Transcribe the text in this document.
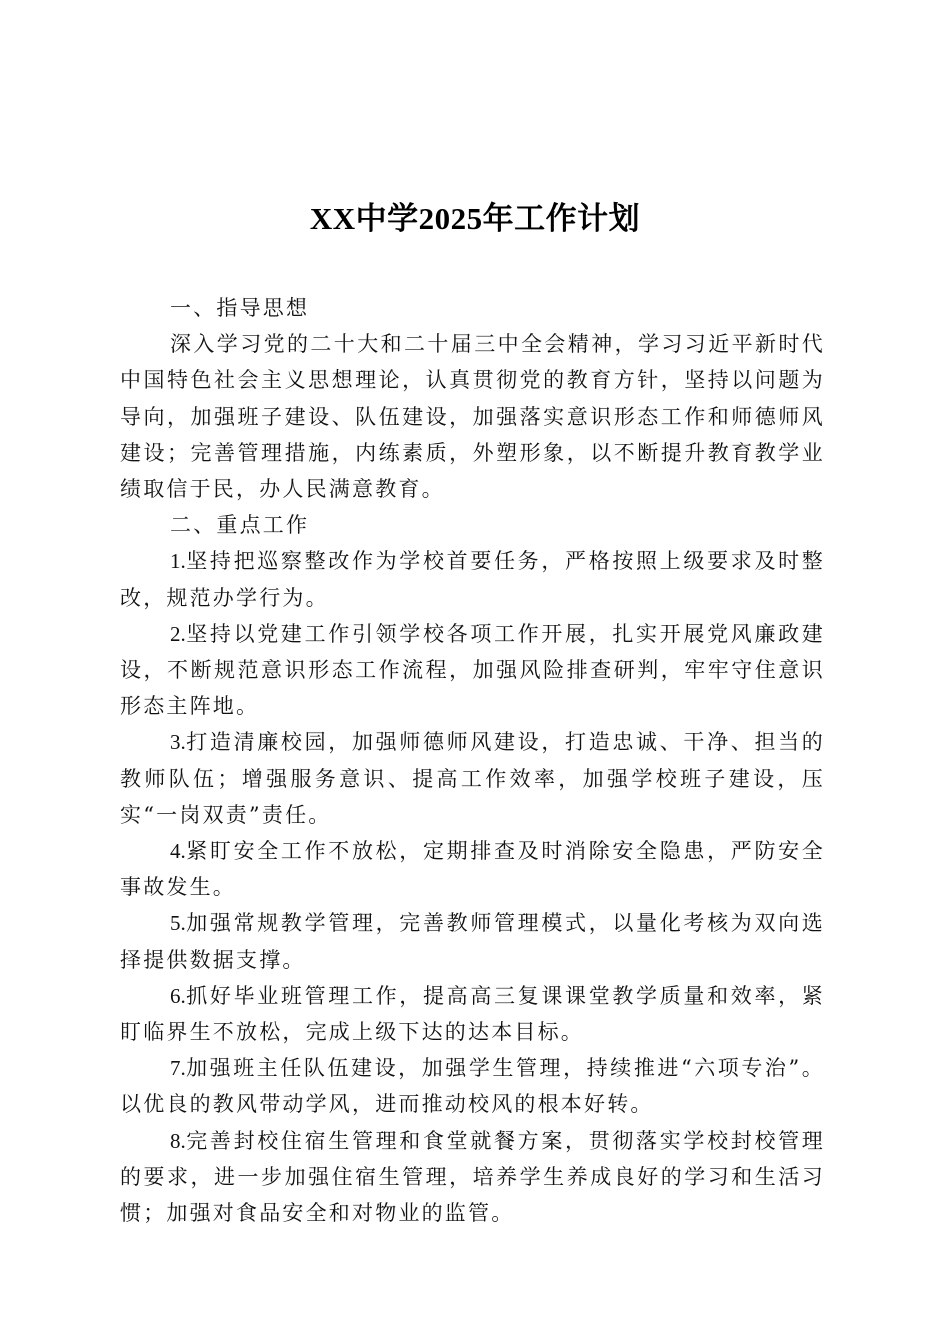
XX中学2025年工作计划

一、指导思想

深入学习党的二十大和二十届三中全会精神，学习习近平新时代中国特色社会主义思想理论，认真贯彻党的教育方针，坚持以问题为导向，加强班子建设、队伍建设，加强落实意识形态工作和师德师风建设；完善管理措施，内练素质，外塑形象，以不断提升教育教学业绩取信于民，办人民满意教育。

二、重点工作

1.坚持把巡察整改作为学校首要任务，严格按照上级要求及时整改，规范办学行为。

2.坚持以党建工作引领学校各项工作开展，扎实开展党风廉政建设，不断规范意识形态工作流程，加强风险排查研判，牢牢守住意识形态主阵地。

3.打造清廉校园，加强师德师风建设，打造忠诚、干净、担当的教师队伍；增强服务意识、提高工作效率，加强学校班子建设，压实“一岗双责”责任。

4.紧盯安全工作不放松，定期排查及时消除安全隐患，严防安全事故发生。

5.加强常规教学管理，完善教师管理模式，以量化考核为双向选择提供数据支撑。

6.抓好毕业班管理工作，提高高三复课课堂教学质量和效率，紧盯临界生不放松，完成上级下达的达本目标。

7.加强班主任队伍建设，加强学生管理，持续推进“六项专治”。以优良的教风带动学风，进而推动校风的根本好转。

8.完善封校住宿生管理和食堂就餐方案，贯彻落实学校封校管理的要求，进一步加强住宿生管理，培养学生养成良好的学习和生活习惯；加强对食品安全和对物业的监管。
